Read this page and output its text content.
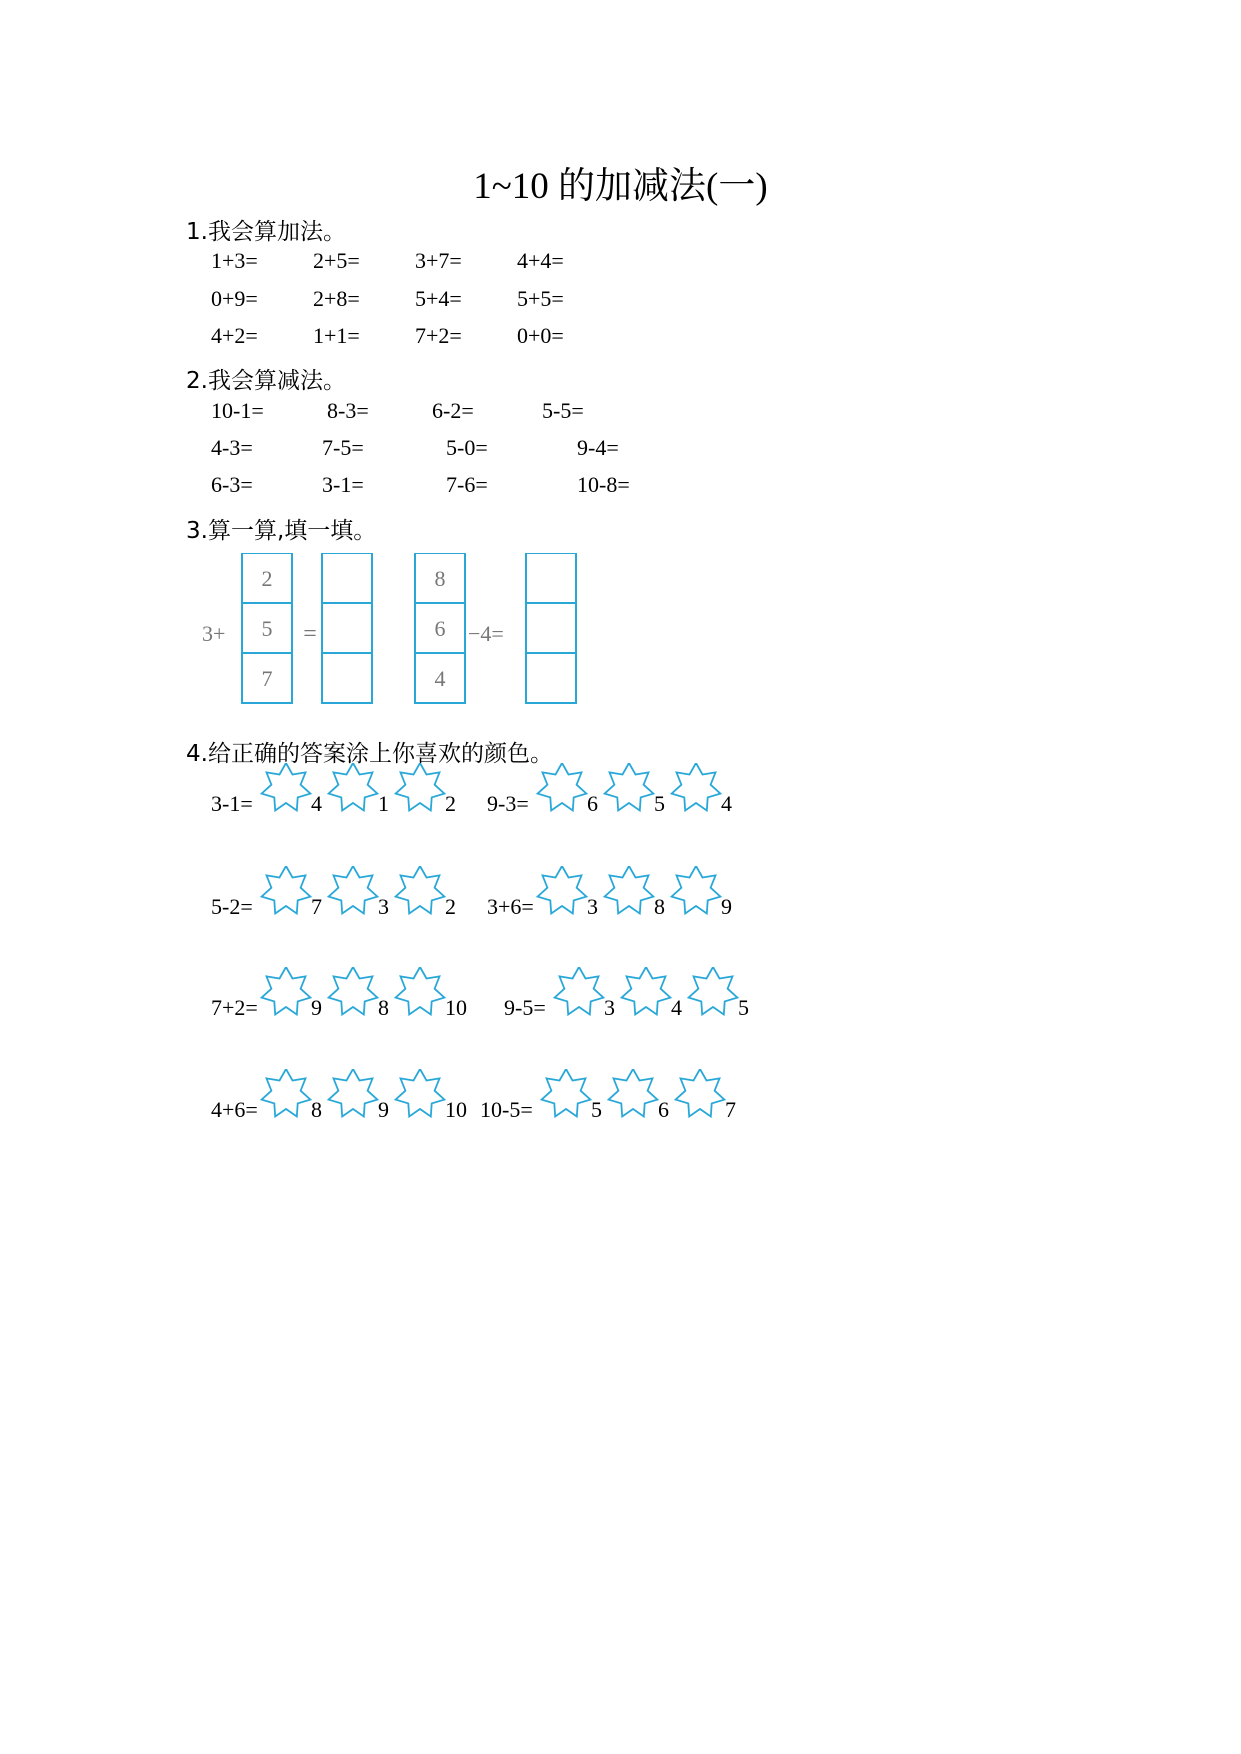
1~10 的加减法(一)
1.我会算加法。
1+3=	2+5=	3+7=	4+4=
0+9=	2+8=	5+4=	5+5=
4+2=	1+1=	7+2=	0+0=
2.我会算减法。
10-1=	8-3=	6-2=	5-5=
4-3=	7-5=	5-0=	9-4=
6-3=	3-1=	7-6=	10-8=
3.算一算,填一填。
3+
2
5
7
=
8
6
4
−4=
4.给正确的答案涂上你喜欢的颜色。
3-1=	4	1	2 9-3=	6	5	4
5-2=	7	3	2 3+6= 3	8	9
7+2= 9	8	10 9-5=	3	4	5
4+6= 8	9	10 10-5=	5	6	7
